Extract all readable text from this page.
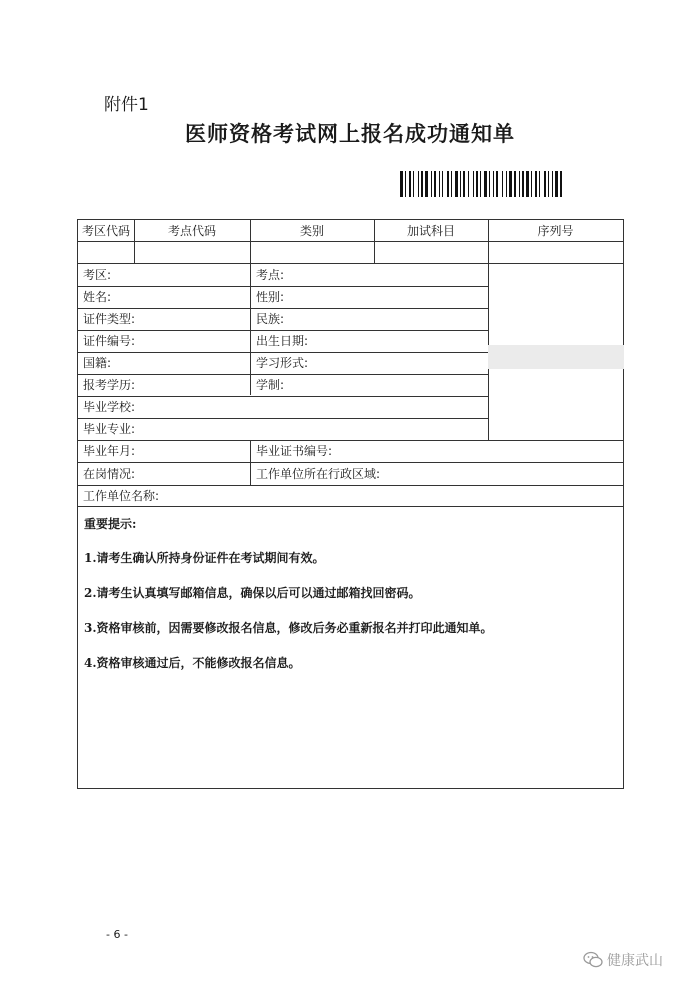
附件1
医师资格考试网上报名成功通知单
考区代码	考点代码	类别	加试科目	序列号
考区:	考点:
姓名:	性别:
证件类型:	民族:
证件编号:	出生日期:
国籍:	学习形式:
报考学历:	学制:
毕业学校:
毕业专业:
毕业年月:	毕业证书编号:
在岗情况:	工作单位所在行政区域:
工作单位名称:
重要提示:
1.请考生确认所持身份证件在考试期间有效。
2.请考生认真填写邮箱信息，确保以后可以通过邮箱找回密码。
3.资格审核前，因需要修改报名信息，修改后务必重新报名并打印此通知单。
4.资格审核通过后，不能修改报名信息。
- 6 -
健康武山
